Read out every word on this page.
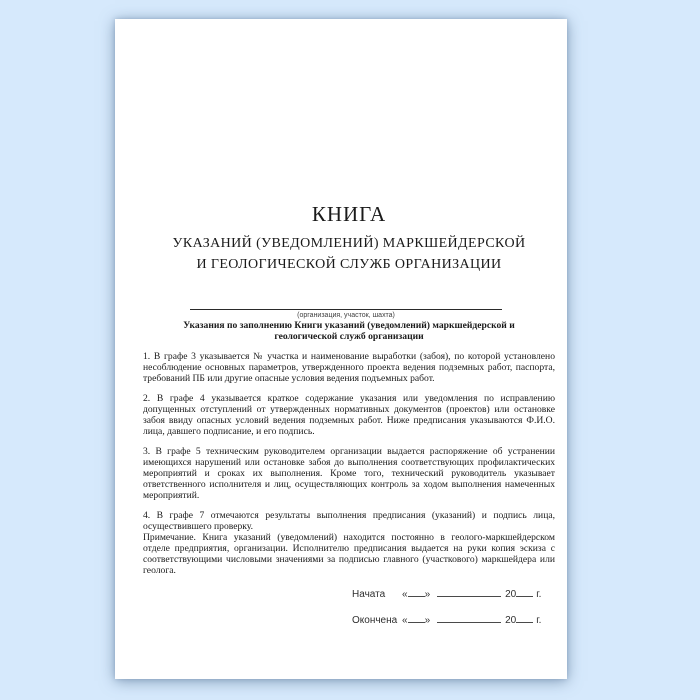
КНИГА
УКАЗАНИЙ (УВЕДОМЛЕНИЙ) МАРКШЕЙДЕРСКОЙ
И ГЕОЛОГИЧЕСКОЙ СЛУЖБ ОРГАНИЗАЦИИ
(организация, участок, шахта)
Указания по заполнению Книги указаний (уведомлений) маркшейдерской и геологической служб организации

1. В графе 3 указывается № участка и наименование выработки (забоя), по которой установлено несоблюдение основных параметров, утвержденного проекта ведения подземных работ, паспорта, требований ПБ или другие опасные условия ведения подъемных работ.

2. В графе 4 указывается краткое содержание указания или уведомления по исправлению допущенных отступлений от утвержденных нормативных документов (проектов) или остановке забоя ввиду опасных условий ведения подземных работ. Ниже предписания указываются Ф.И.О. лица, давшего подписание, и его подпись.

3. В графе 5 техническим руководителем организации выдается распоряжение об устранении имеющихся нарушений или остановке забоя до выполнения соответствующих профилактических мероприятий и сроках их выполнения. Кроме того, технический руководитель указывает ответственного исполнителя и лиц, осуществляющих контроль за ходом выполнения намеченных мероприятий.

4. В графе 7 отмечаются результаты выполнения предписания (указаний) и подпись лица, осуществившего проверку.

Примечание. Книга указаний (уведомлений) находится постоянно в геолого-маркшейдерском отделе предприятия, организации. Исполнителю предписания выдается на руки копия эскиза с соответствующими числовыми значениями за подписью главного (участкового) маркшейдера или геолога.

Начата « »	20 г.
Окончена « »	20 г.
